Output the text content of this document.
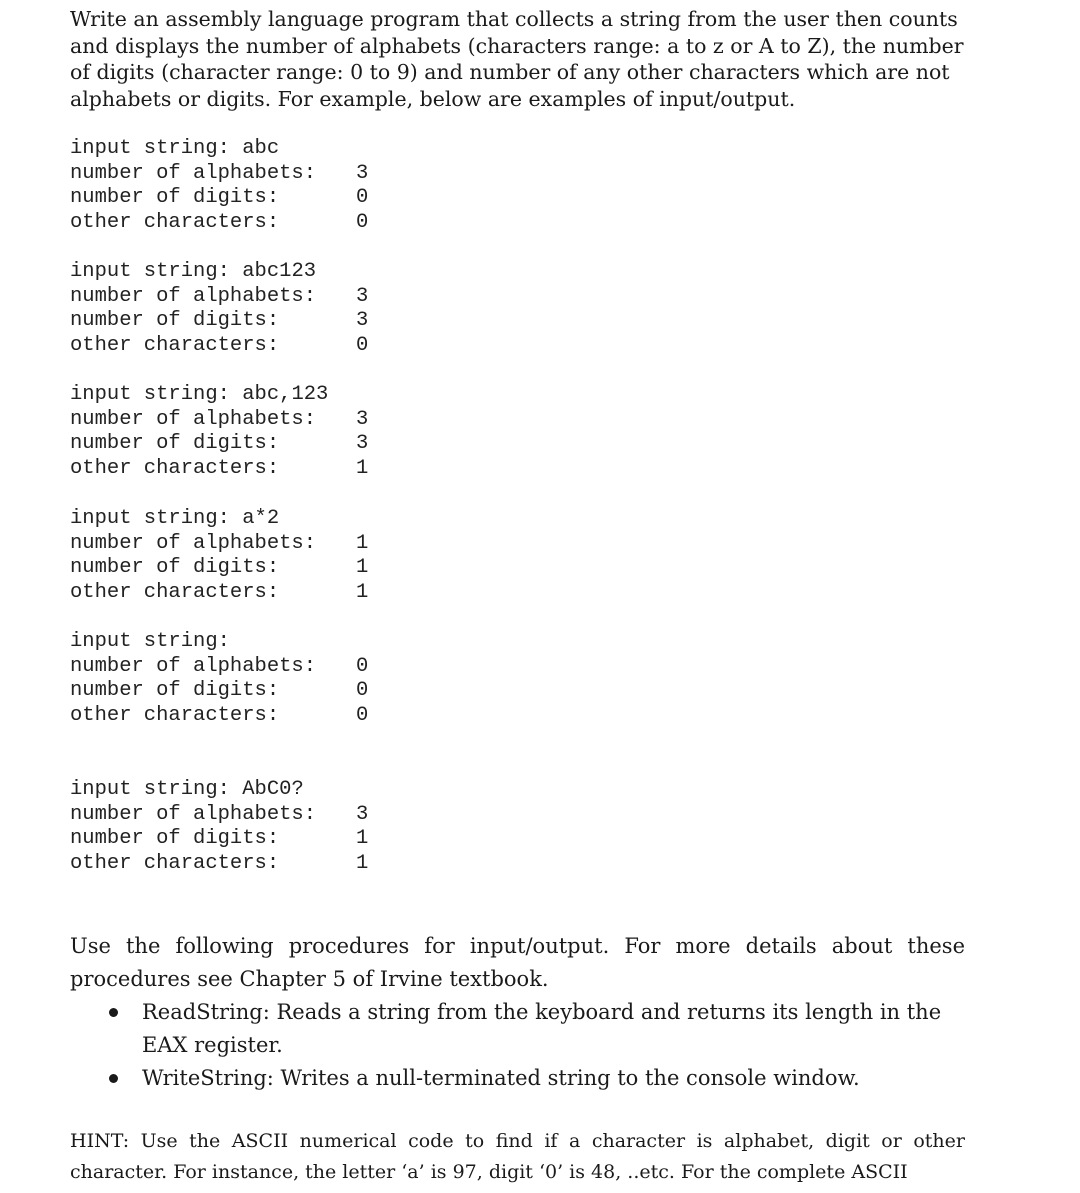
Write an assembly language program that collects a string from the user then counts and displays the number of alphabets (characters range: a to z or A to Z), the number of digits (character range: 0 to 9) and number of any other characters which are not alphabets or digits. For example, below are examples of input/output.

input string: abc
number of alphabets: 3
number of digits:	0
other characters:	0
input string: abc123
number of alphabets: 3
number of digits:	3
other characters:	0
input string: abc,123
number of alphabets: 3
number of digits:	3
other characters:	1
input string: a*2
number of alphabets: 1
number of digits:	1
other characters:	1
input string:
number of alphabets: 0
number of digits:	0
other characters:	0
input string: AbC0?
number of alphabets: 3
number of digits:	1
other characters:	1

Use the following procedures for input/output. For more details about these procedures see Chapter 5 of Irvine textbook.

ReadString: Reads a string from the keyboard and returns its length in the EAX register.
WriteString: Writes a null-terminated string to the console window.

HINT: Use the ASCII numerical code to find if a character is alphabet, digit or other character. For instance, the letter ‘a’ is 97, digit ‘0’ is 48, ..etc. For the complete ASCII
